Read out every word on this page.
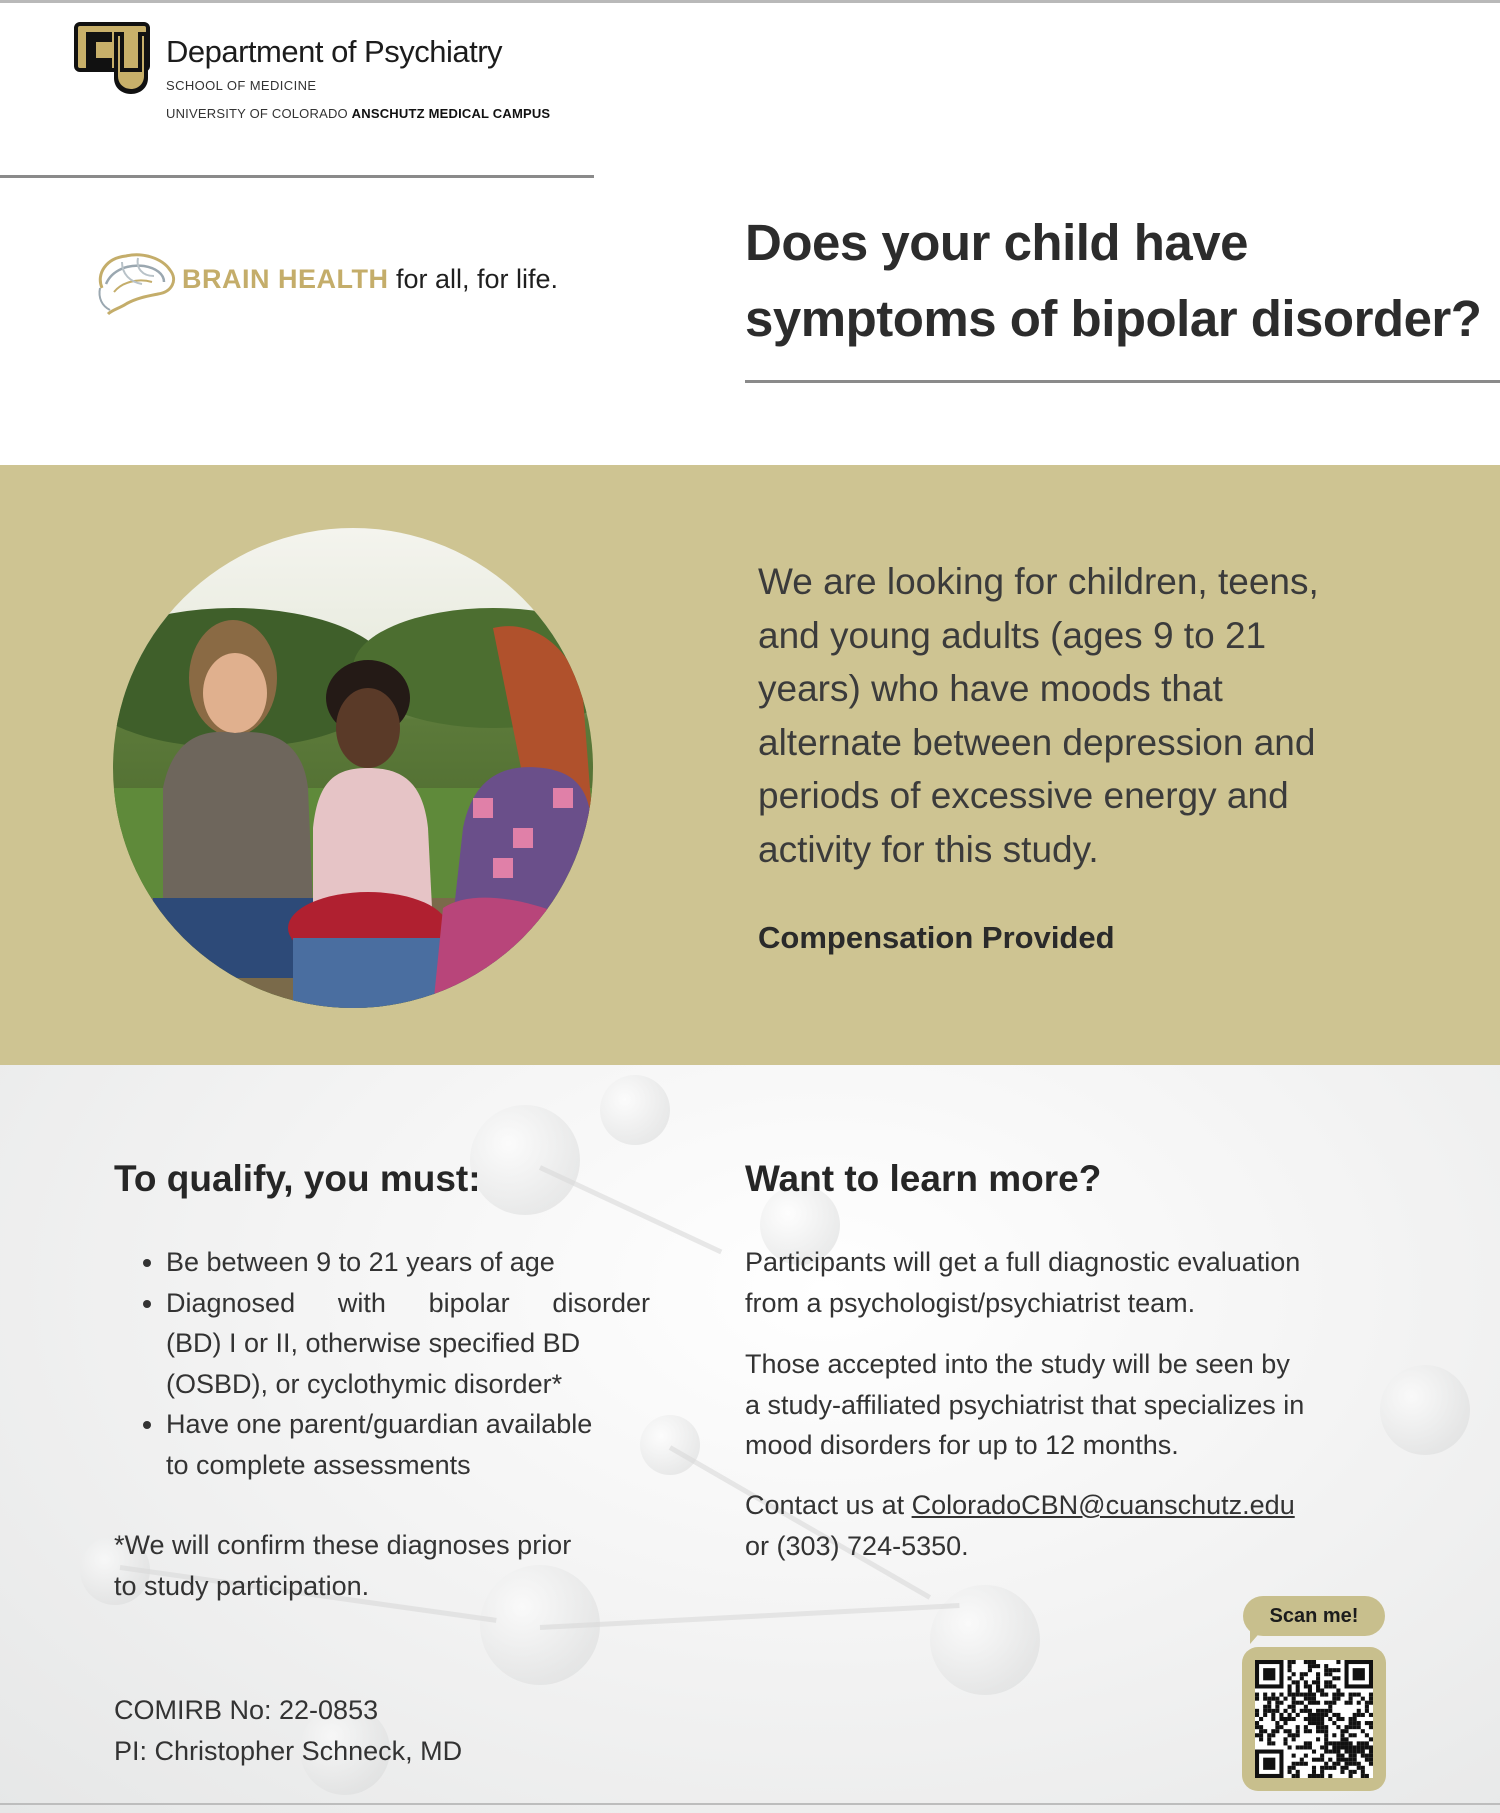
Department of Psychiatry
SCHOOL OF MEDICINE
UNIVERSITY OF COLORADO ANSCHUTZ MEDICAL CAMPUS
BRAIN HEALTH for all, for life.
Does your child have
symptoms of bipolar disorder?
We are looking for children, teens,
and young adults (ages 9 to 21
years) who have moods that
alternate between depression and
periods of excessive energy and
activity for this study.
Compensation Provided
To qualify, you must:
• Be between 9 to 21 years of age
• Diagnosed with bipolar disorder
(BD) I or II, otherwise specified BD
(OSBD), or cyclothymic disorder*
• Have one parent/guardian available
to complete assessments
*We will confirm these diagnoses prior
to study participation.
COMIRB No: 22-0853
PI: Christopher Schneck, MD
Want to learn more?
Participants will get a full diagnostic evaluation
from a psychologist/psychiatrist team.
Those accepted into the study will be seen by
a study-affiliated psychiatrist that specializes in
mood disorders for up to 12 months.
Contact us at ColoradoCBN@cuanschutz.edu
or (303) 724-5350.
Scan me!
